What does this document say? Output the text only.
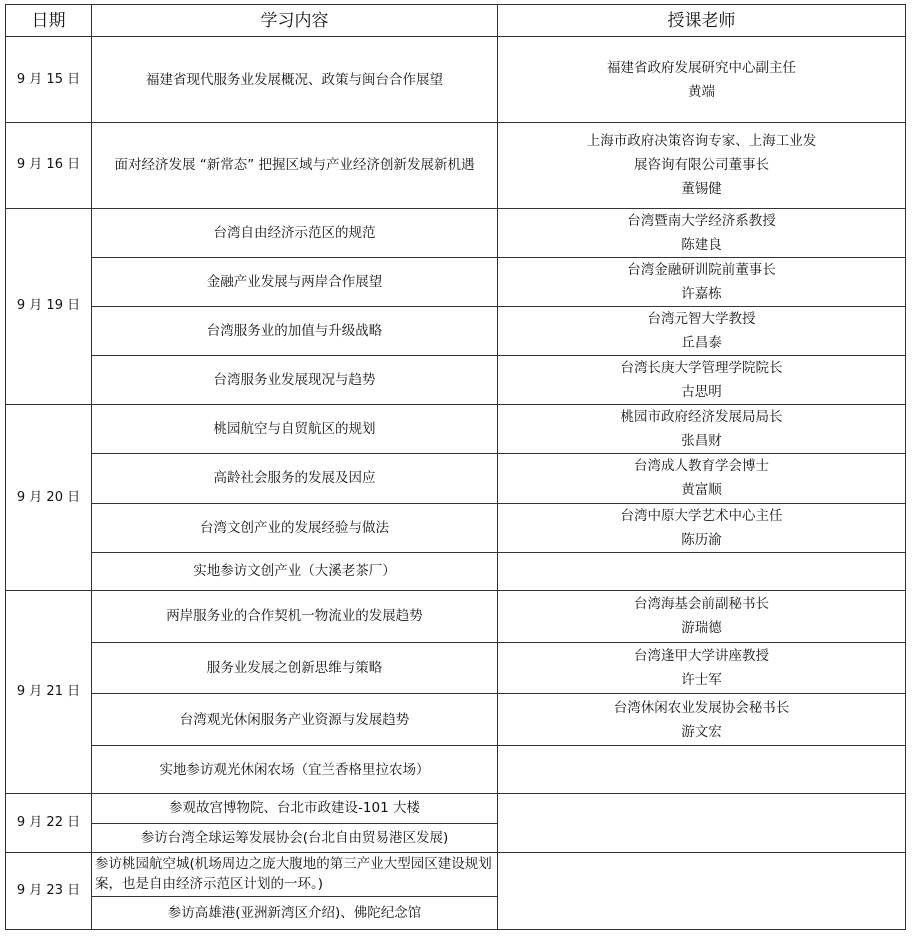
日期	学习内容	授课老师
9 月 15 日	福建省现代服务业发展概况、政策与闽台合作展望	福建省政府发展研究中心副主任
黄端

9 月 16 日	面对经济发展 “新常态” 把握区域与产业经济创新发展新机遇	上海市政府决策咨询专家、上海工业发
展咨询有限公司董事长
董锡健

9 月 19 日	台湾自由经济示范区的规范	台湾暨南大学经济系教授
陈建良

	金融产业发展与两岸合作展望	台湾金融研训院前董事长
许嘉栋

	台湾服务业的加值与升级战略	台湾元智大学教授
丘昌泰

	台湾服务业发展现况与趋势	台湾长庚大学管理学院院长
古思明

9 月 20 日	桃园航空与自贸航区的规划	桃园市政府经济发展局局长
张昌财

	高龄社会服务的发展及因应	台湾成人教育学会博士
黄富顺

	台湾文创产业的发展经验与做法	台湾中原大学艺术中心主任
陈历渝

	实地参访文创产业（大溪老茶厂）	
9 月 21 日	两岸服务业的合作契机一物流业的发展趋势	台湾海基会前副秘书长
游瑞德

	服务业发展之创新思维与策略	台湾逢甲大学讲座教授
许士军

	台湾观光休闲服务产业资源与发展趋势	台湾休闲农业发展协会秘书长
游文宏

	实地参访观光休闲农场（宜兰香格里拉农场）	
9 月 22 日	参观故宫博物院、台北市政建设-101 大楼	
	参访台湾全球运筹发展协会(台北自由贸易港区发展)	
9 月 23 日	参访桃园航空城(机场周边之庞大腹地的第三产业大型园区建设规划案，也是自由经济示范区计划的一环。)	
	参访高雄港(亚洲新湾区介绍)、佛陀纪念馆	
